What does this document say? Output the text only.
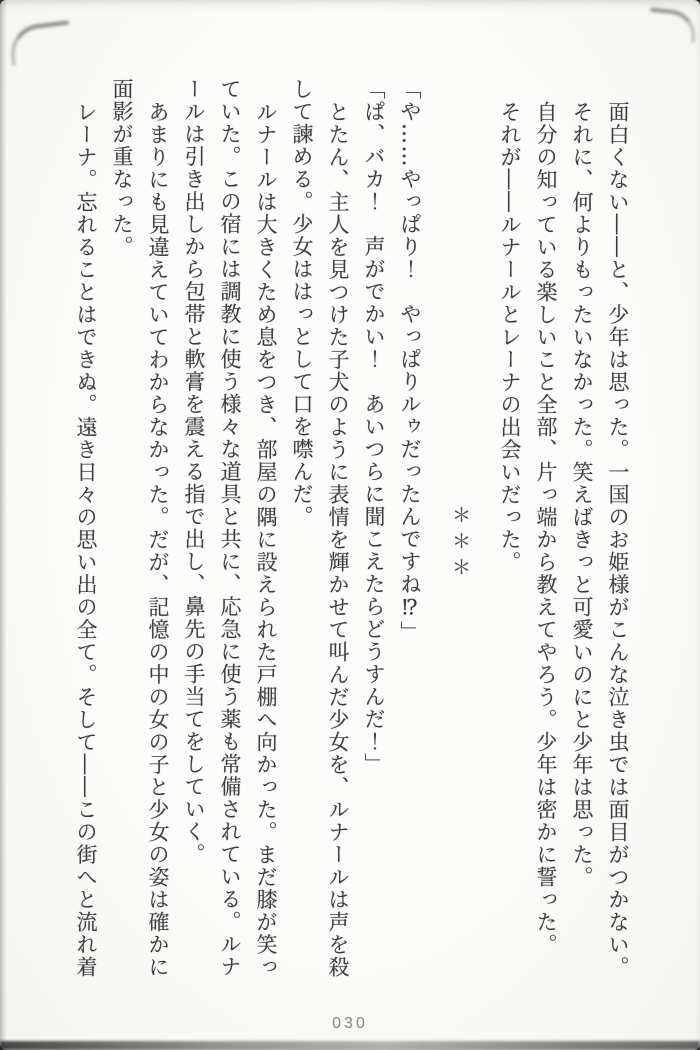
面白くない――と、少年は思った。一国のお姫様がこんな泣き虫では面目がつかない。
それに、何よりもったいなかった。笑えばきっと可愛いのにと少年は思った。
自分の知っている楽しいこと全部、片っ端から教えてやろう。少年は密かに誓った。
それが――ルナールとレーナの出会いだった。
＊＊＊
「や……やっぱり！　やっぱりルゥだったんですね⁉」
「ぱ、バカ！　声がでかい！　あいつらに聞こえたらどうすんだ！」
とたん、主人を見つけた子犬のように表情を輝かせて叫んだ少女を、ルナールは声を殺
して諫める。少女ははっとして口を噤んだ。
ルナールは大きくため息をつき、部屋の隅に設えられた戸棚へ向かった。まだ膝が笑っ
ていた。この宿には調教に使う様々な道具と共に、応急に使う薬も常備されている。ルナ
ールは引き出しから包帯と軟膏を震える指で出し、鼻先の手当てをしていく。
あまりにも見違えていてわからなかった。だが、記憶の中の女の子と少女の姿は確かに
面影が重なった。
レーナ。忘れることはできぬ。遠き日々の思い出の全て。そして――この街へと流れ着
030
